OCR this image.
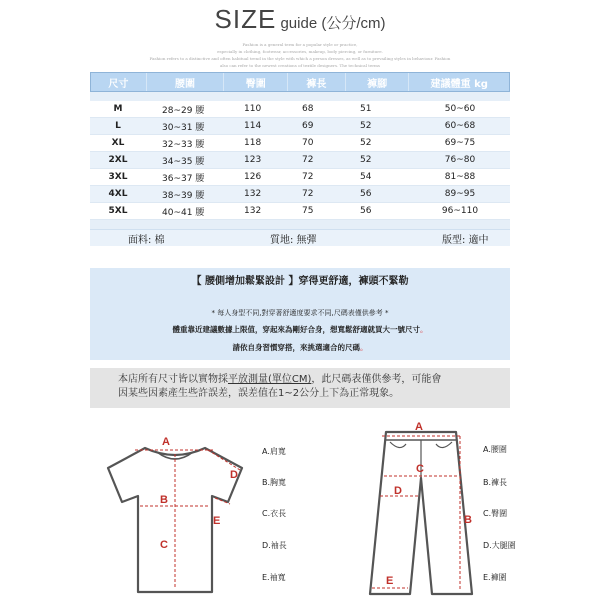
SIZE guide (公分/cm)
Fashion is a general term for a popular style or practice,
especially in clothing, footwear, accessories, makeup, body piercing, or furniture.
Fashion refers to a distinctive and often habitual trend in the style with which a person dresses, as well as to prevailing styles in behaviour. Fashion
also can refer to the newest creations of textile designers. The technical terms
尺寸	腰圍	臀圍	褲長	褲腳	建議體重 kg
M	28~29 腰	110	68	51	50~60
L	30~31 腰	114	69	52	60~68
XL	32~33 腰	118	70	52	69~75
2XL	34~35 腰	123	72	52	76~80
3XL	36~37 腰	126	72	54	81~88
4XL	38~39 腰	132	72	56	89~95
5XL	40~41 腰	132	75	56	96~110
面料: 棉	質地: 無彈	版型: 適中
【 腰側增加鬆緊設計 】穿得更舒適，褲頭不緊勒
* 每人身型不同,對穿著舒適度要求不同,尺碼表僅供參考 *
體重靠近建議數據上限值，穿起來為剛好合身，想寬鬆舒適就買大一號尺寸。
請依自身習慣穿搭，來挑選適合的尺碼。
本店所有尺寸皆以實物採平放測量(單位CM)，此尺碼表僅供參考，可能會
因某些因素產生些許誤差，誤差值在1~2公分上下為正常現象。
A
B
C
D
E
A.肩寬
B.胸寬
C.衣長
D.袖長
E.袖寬
A
B
C
D
E
A.腰圍
B.褲長
C.臀圍
D.大腿圍
E.褲圍
